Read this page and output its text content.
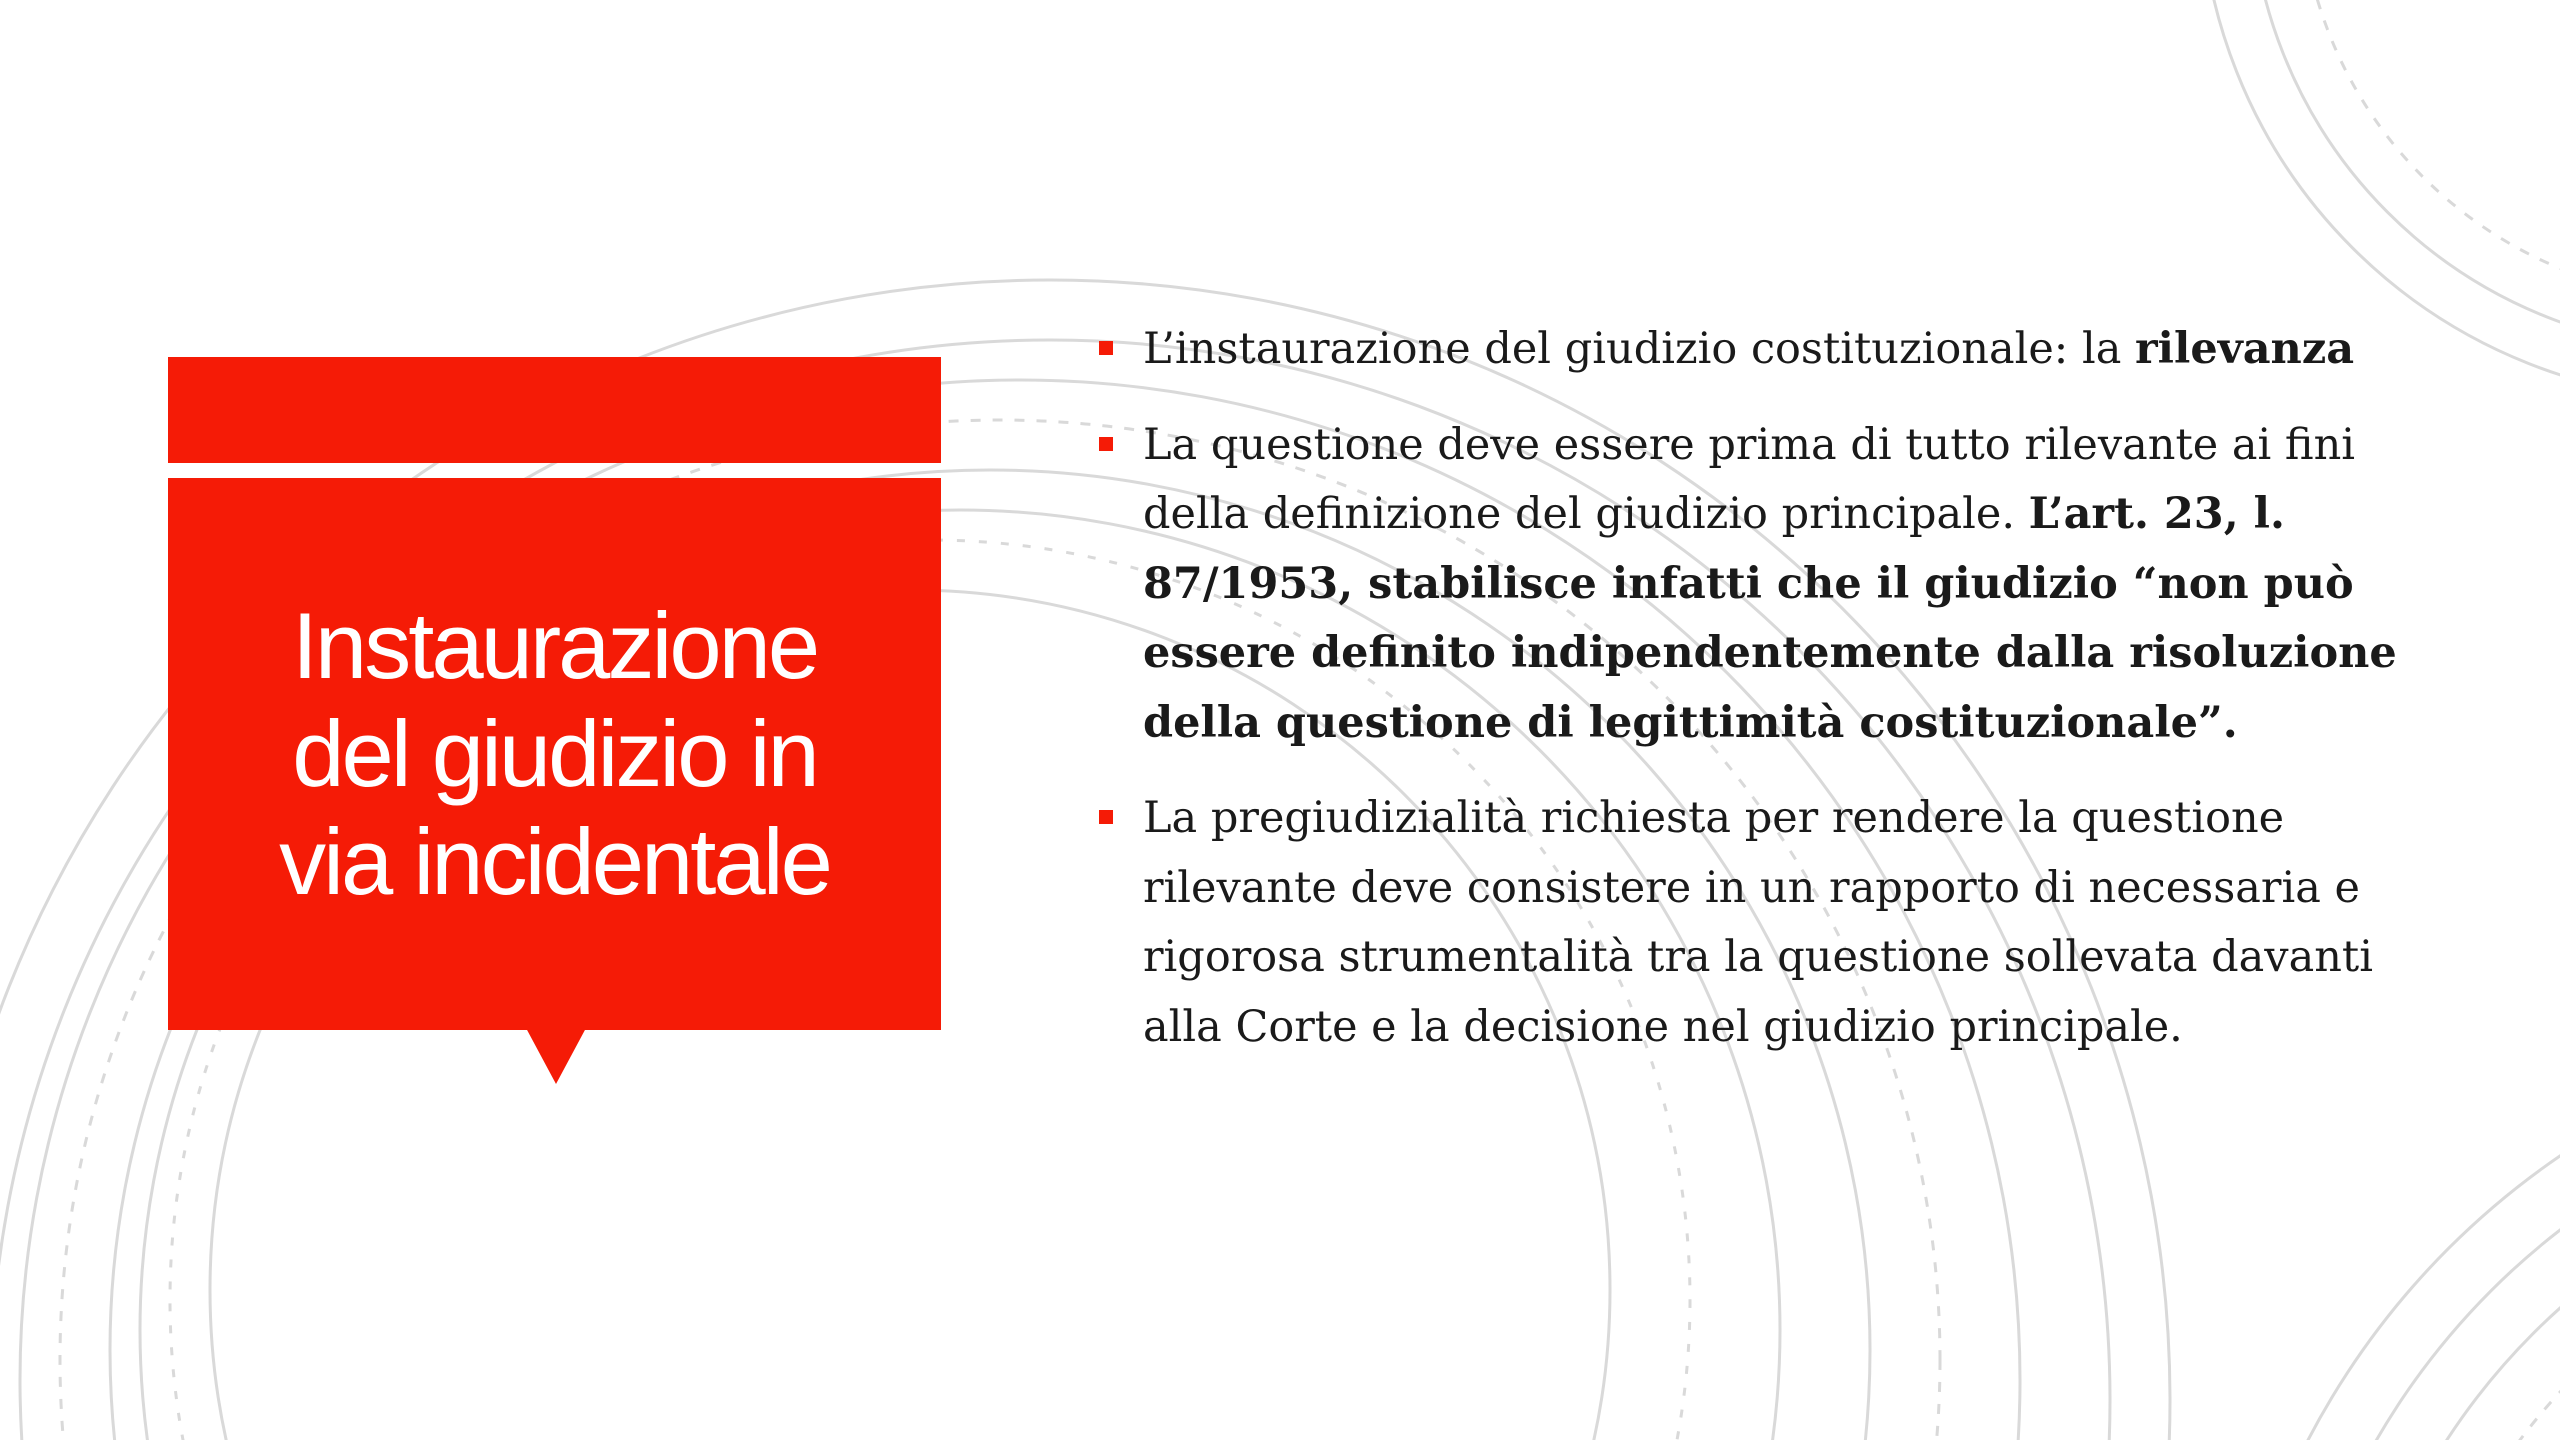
Instaurazione del giudizio in via incidentale
L’instaurazione del giudizio costituzionale: la rilevanza
La questione deve essere prima di tutto rilevante ai fini della definizione del giudizio principale. L’art. 23, l. 87/1953, stabilisce infatti che il giudizio “non può essere definito indipendentemente dalla risoluzione della questione di legittimità costituzionale”.
La pregiudizialità richiesta per rendere la questione rilevante deve consistere in un rapporto di necessaria e rigorosa strumentalità tra la questione sollevata davanti alla Corte e la decisione nel giudizio principale.
